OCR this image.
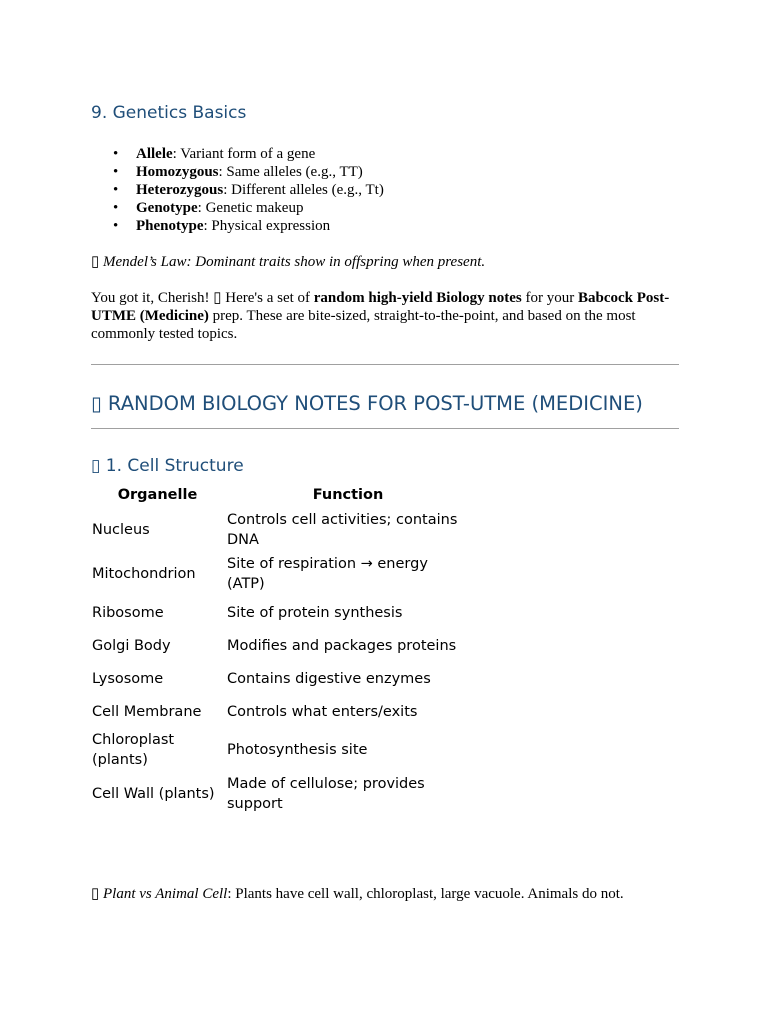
9. Genetics Basics
• Allele: Variant form of a gene
• Homozygous: Same alleles (e.g., TT)
• Heterozygous: Different alleles (e.g., Tt)
• Genotype: Genetic makeup
• Phenotype: Physical expression

▯ Mendel’s Law: Dominant traits show in offspring when present.

You got it, Cherish! ▯ Here's a set of random high-yield Biology notes for your Babcock Post-UTME (Medicine) prep. These are bite-sized, straight-to-the-point, and based on the most commonly tested topics.

▯ RANDOM BIOLOGY NOTES FOR POST-UTME (MEDICINE)
▯ 1. Cell Structure
Organelle	Function
Nucleus	Controls cell activities; contains DNA
Mitochondrion	Site of respiration → energy (ATP)
Ribosome	Site of protein synthesis
Golgi Body	Modifies and packages proteins
Lysosome	Contains digestive enzymes
Cell Membrane	Controls what enters/exits
Chloroplast (plants)	Photosynthesis site
Cell Wall (plants)	Made of cellulose; provides support

▯ Plant vs Animal Cell: Plants have cell wall, chloroplast, large vacuole. Animals do not.
